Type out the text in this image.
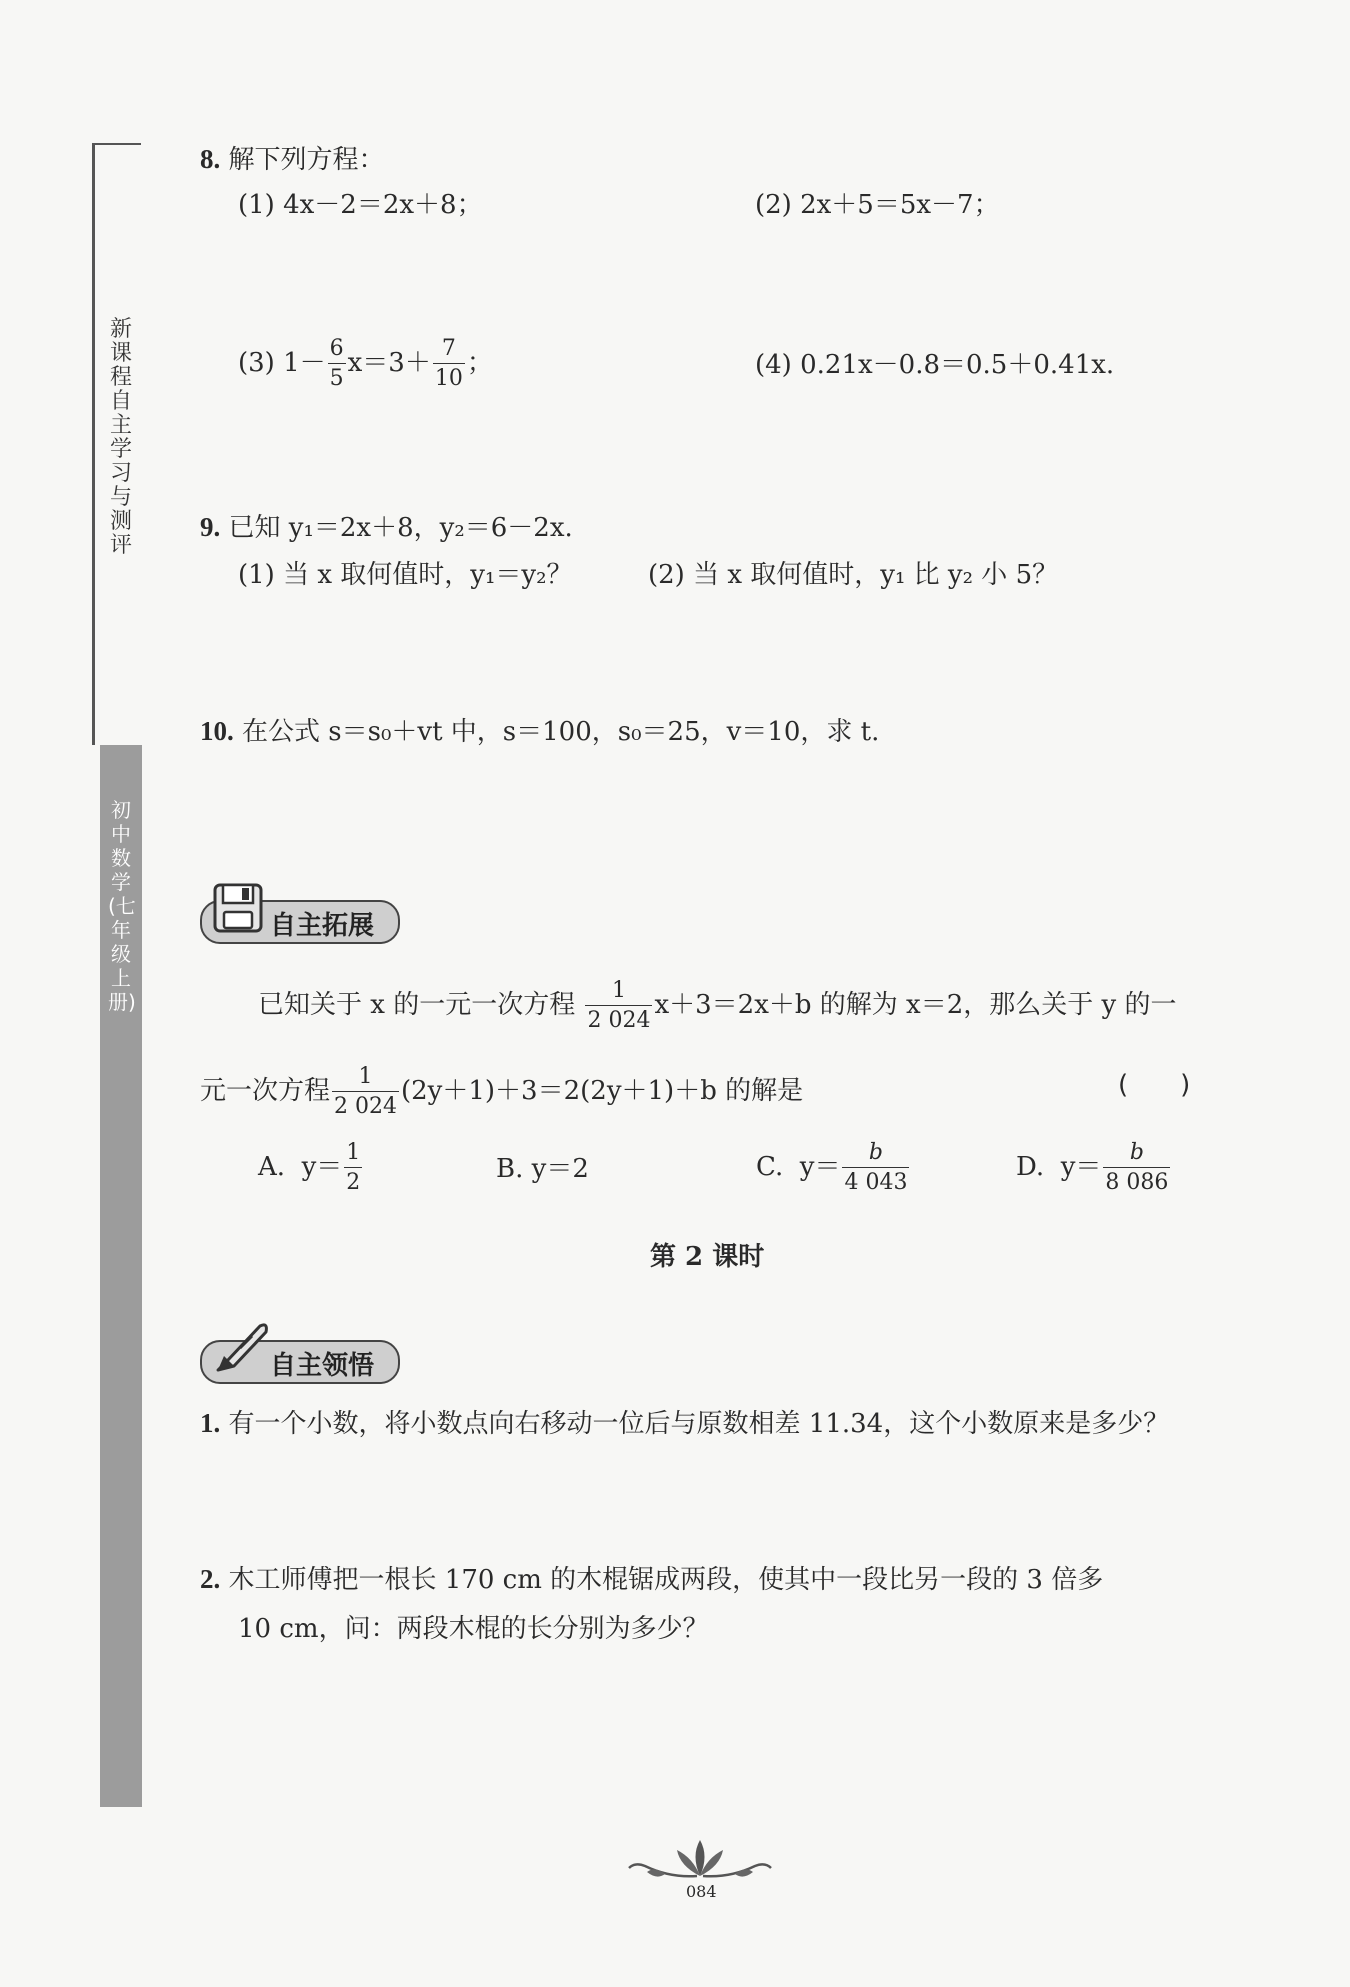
新课程自主学习与测评
初中数学(七年级上册)
8. 解下列方程：
(1) 4x－2＝2x＋8；	(2) 2x＋5＝5x－7；
(3) $1- \frac{6}{5} x=3+ \frac{7}{10}$ ；	(4) 0.21x－0.8＝0.5＋0.41x.
9. 已知 y₁＝2x＋8，y₂＝6－2x.
(1) 当 x 取何值时，y₁＝y₂？	(2) 当 x 取何值时，y₁ 比 y₂ 小 5？
10. 在公式 s＝s₀＋vt 中，s＝100，s₀＝25，v＝10，求 t.
自主拓展
已知关于 x 的一元一次方程 $\frac{1}{2 024} x+3=2x+b$ 的解为 x＝2，那么关于 y 的一
元一次方程 $\frac{1}{2 024} (2y+1)+3=2(2y+1)+b$ 的解是	(　　)
A. $y= \frac{1}{2}$	B. y＝2	C. $y= \frac{b}{4 043}$	D. $y= \frac{b}{8 086}$
第 2 课时
自主领悟
1. 有一个小数，将小数点向右移动一位后与原数相差 11.34，这个小数原来是多少？
2. 木工师傅把一根长 170 cm 的木棍锯成两段，使其中一段比另一段的 3 倍多
10 cm，问：两段木棍的长分别为多少？
084
